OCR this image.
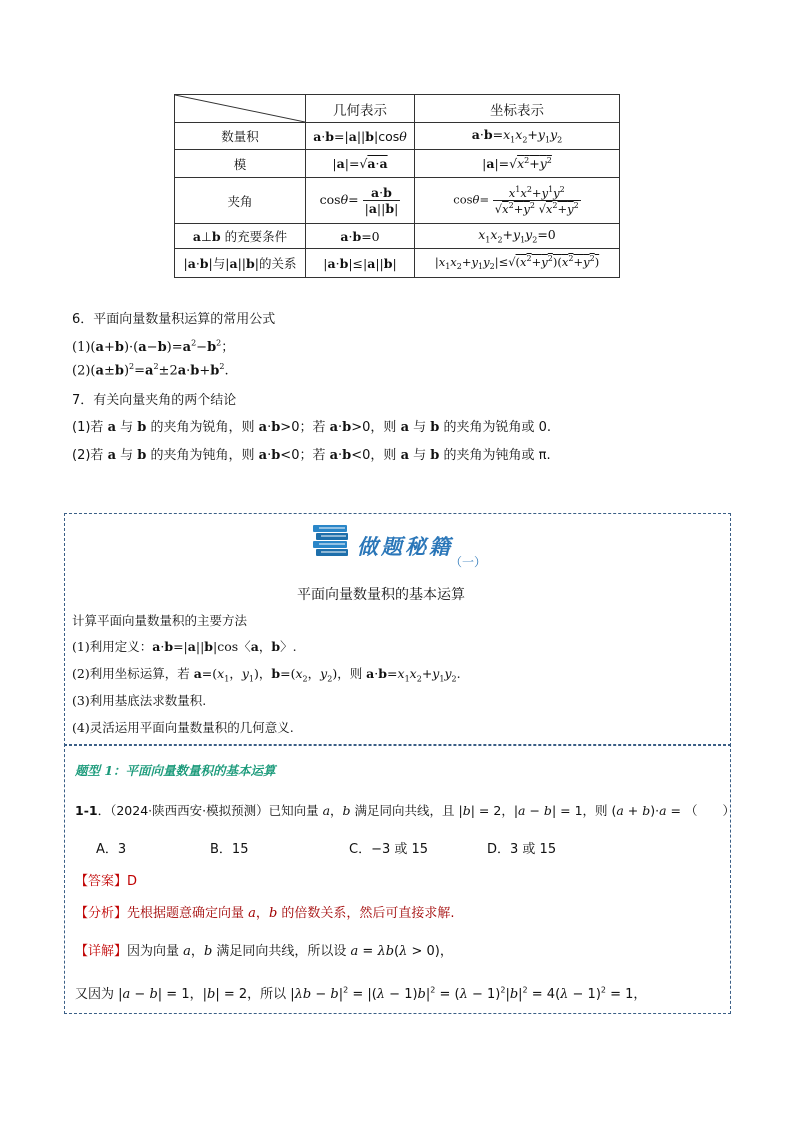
	几何表示	坐标表示
数量积	a·b=|a||b|cosθ	$a\cdot b=x_1x_2+y_1y_2$
模	|a|=√a·a	$|a|=√x^2+y^2$
夹角	$\cos\theta= \frac{a\cdot b}{|a||b|}$	$\cos\theta= \frac{x^1x^2+y^1y^2}{√x^2+y^2 √x^2+y^2}$

a⊥b 的充要条件	a·b=0	$x_1x_2+y_1y_2=0$
|a·b|与|a||b|的关系	|a·b|≤|a||b|	$|x_1x_2+y_1y_2|\le√(x^2+y^2)(x^2+y^2)$
6．平面向量数量积运算的常用公式
$(1)(a+b)\cdot(a-b)=a^2-b^2$；
$(2)(a\pm b)^2=a^2\pm 2a\cdot b+b^2$.
7．有关向量夹角的两个结论
(1)若 a 与 b 的夹角为锐角，则 a·b>0；若 a·b>0，则 a 与 b 的夹角为锐角或 0.
(2)若 a 与 b 的夹角为钝角，则 a·b<0；若 a·b<0，则 a 与 b 的夹角为钝角或 π.
做题秘籍
（一）
平面向量数量积的基本运算
计算平面向量数量积的主要方法
(1)利用定义：a·b=|a||b|cos〈a，b〉.
(2)利用坐标运算，若 $a=(x_1$，$y_1$)，$b=(x_2$，$y_2$)，则 $a\cdot b=x_1x_2+y_1y_2$.
(3)利用基底法求数量积.
(4)灵活运用平面向量数量积的几何意义.
题型 1：平面向量数量积的基本运算
1-1．（2024·陕西西安·模拟预测）已知向量 a，b 满足同向共线，且 |b| = 2，|a − b| = 1，则 (a + b)·a = （　　）
A．3	B．15	C．−3 或 15	D．3 或 15
【答案】D
【分析】先根据题意确定向量 a，b 的倍数关系，然后可直接求解.
【详解】因为向量 a，b 满足同向共线，所以设 a = λb(λ > 0)，
又因为 |a − b| = 1，|b| = 2，所以 $|\lambda b - b|^2 = |(\lambda - 1)b|^2 = (\lambda - 1)^2|b|^2 = 4(\lambda - 1)^2 = 1$，
